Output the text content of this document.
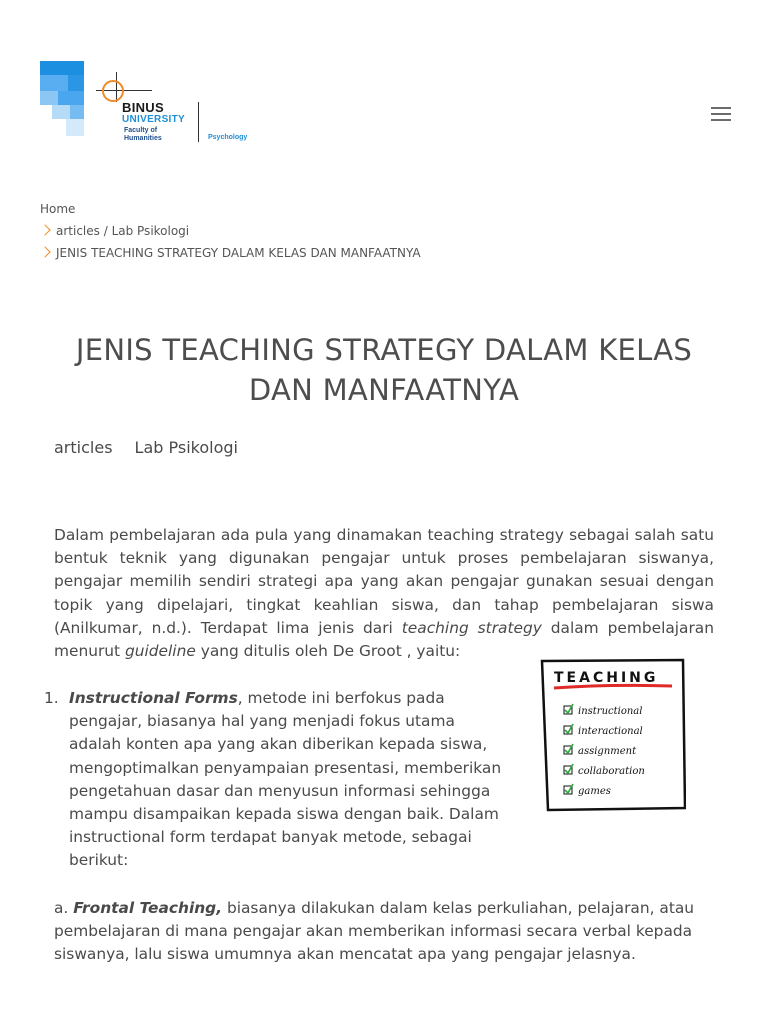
BINUS
UNIVERSITY
Faculty of Humanities	Psychology
Home
articles / Lab Psikologi
JENIS TEACHING STRATEGY DALAM KELAS DAN MANFAATNYA
JENIS TEACHING STRATEGY DALAM KELAS DAN MANFAATNYA
articles Lab Psikologi

Dalam pembelajaran ada pula yang dinamakan teaching strategy sebagai salah satu bentuk teknik yang digunakan pengajar untuk proses pembelajaran siswanya, pengajar memilih sendiri strategi apa yang akan pengajar gunakan sesuai dengan topik yang dipelajari, tingkat keahlian siswa, dan tahap pembelajaran siswa (Anilkumar, n.d.). Terdapat lima jenis dari teaching strategy dalam pembelajaran menurut guideline yang ditulis oleh De Groot , yaitu:

TEACHING
instructional
interactional
assignment
collaboration
games
1. Instructional Forms, metode ini berfokus pada pengajar, biasanya hal yang menjadi fokus utama adalah konten apa yang akan diberikan kepada siswa, mengoptimalkan penyampaian presentasi, memberikan pengetahuan dasar dan menyusun informasi sehingga mampu disampaikan kepada siswa dengan baik. Dalam instructional form terdapat banyak metode, sebagai berikut:

a. Frontal Teaching, biasanya dilakukan dalam kelas perkuliahan, pelajaran, atau pembelajaran di mana pengajar akan memberikan informasi secara verbal kepada siswanya, lalu siswa umumnya akan mencatat apa yang pengajar jelasnya.
